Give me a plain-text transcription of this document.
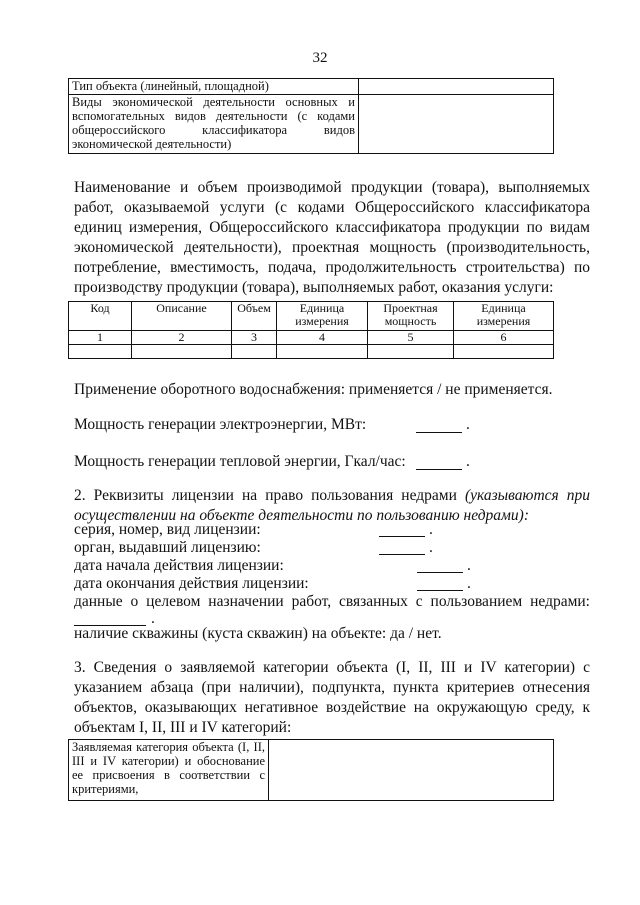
32
Тип объекта (линейный, площадной)	
Виды экономической деятельности основных и вспомогательных видов деятельности (с кодами общероссийского классификатора видов экономической деятельности)	
Наименование и объем производимой продукции (товара), выполняемых работ, оказываемой услуги (с кодами Общероссийского классификатора единиц измерения, Общероссийского классификатора продукции по видам экономической деятельности), проектная мощность (производительность, потребление, вместимость, подача, продолжительность строительства) по производству продукции (товара), выполняемых работ, оказания услуги:
Код	Описание	Объем	Единица измерения	Проектная мощность	Единица измерения
1	2	3	4	5	6

Применение оборотного водоснабжения: применяется / не применяется.
Мощность генерации электроэнергии, МВт:	.
Мощность генерации тепловой энергии, Гкал/час:	.
2. Реквизиты лицензии на право пользования недрами (указываются при осуществлении на объекте деятельности по пользованию недрами):
серия, номер, вид лицензии:	.
орган, выдавший лицензию:	.
дата начала действия лицензии:	.
дата окончания действия лицензии:	.
данные о целевом назначении работ, связанных с пользованием недрами:
.
наличие скважины (куста скважин) на объекте: да / нет.
3. Сведения о заявляемой категории объекта (I, II, III и IV категории) с указанием абзаца (при наличии), подпункта, пункта критериев отнесения объектов, оказывающих негативное воздействие на окружающую среду, к объектам I, II, III и IV категорий:
Заявляемая категория объекта (I, II, III и IV категории) и обоснование ее присвоения в соответствии с критериями,	
